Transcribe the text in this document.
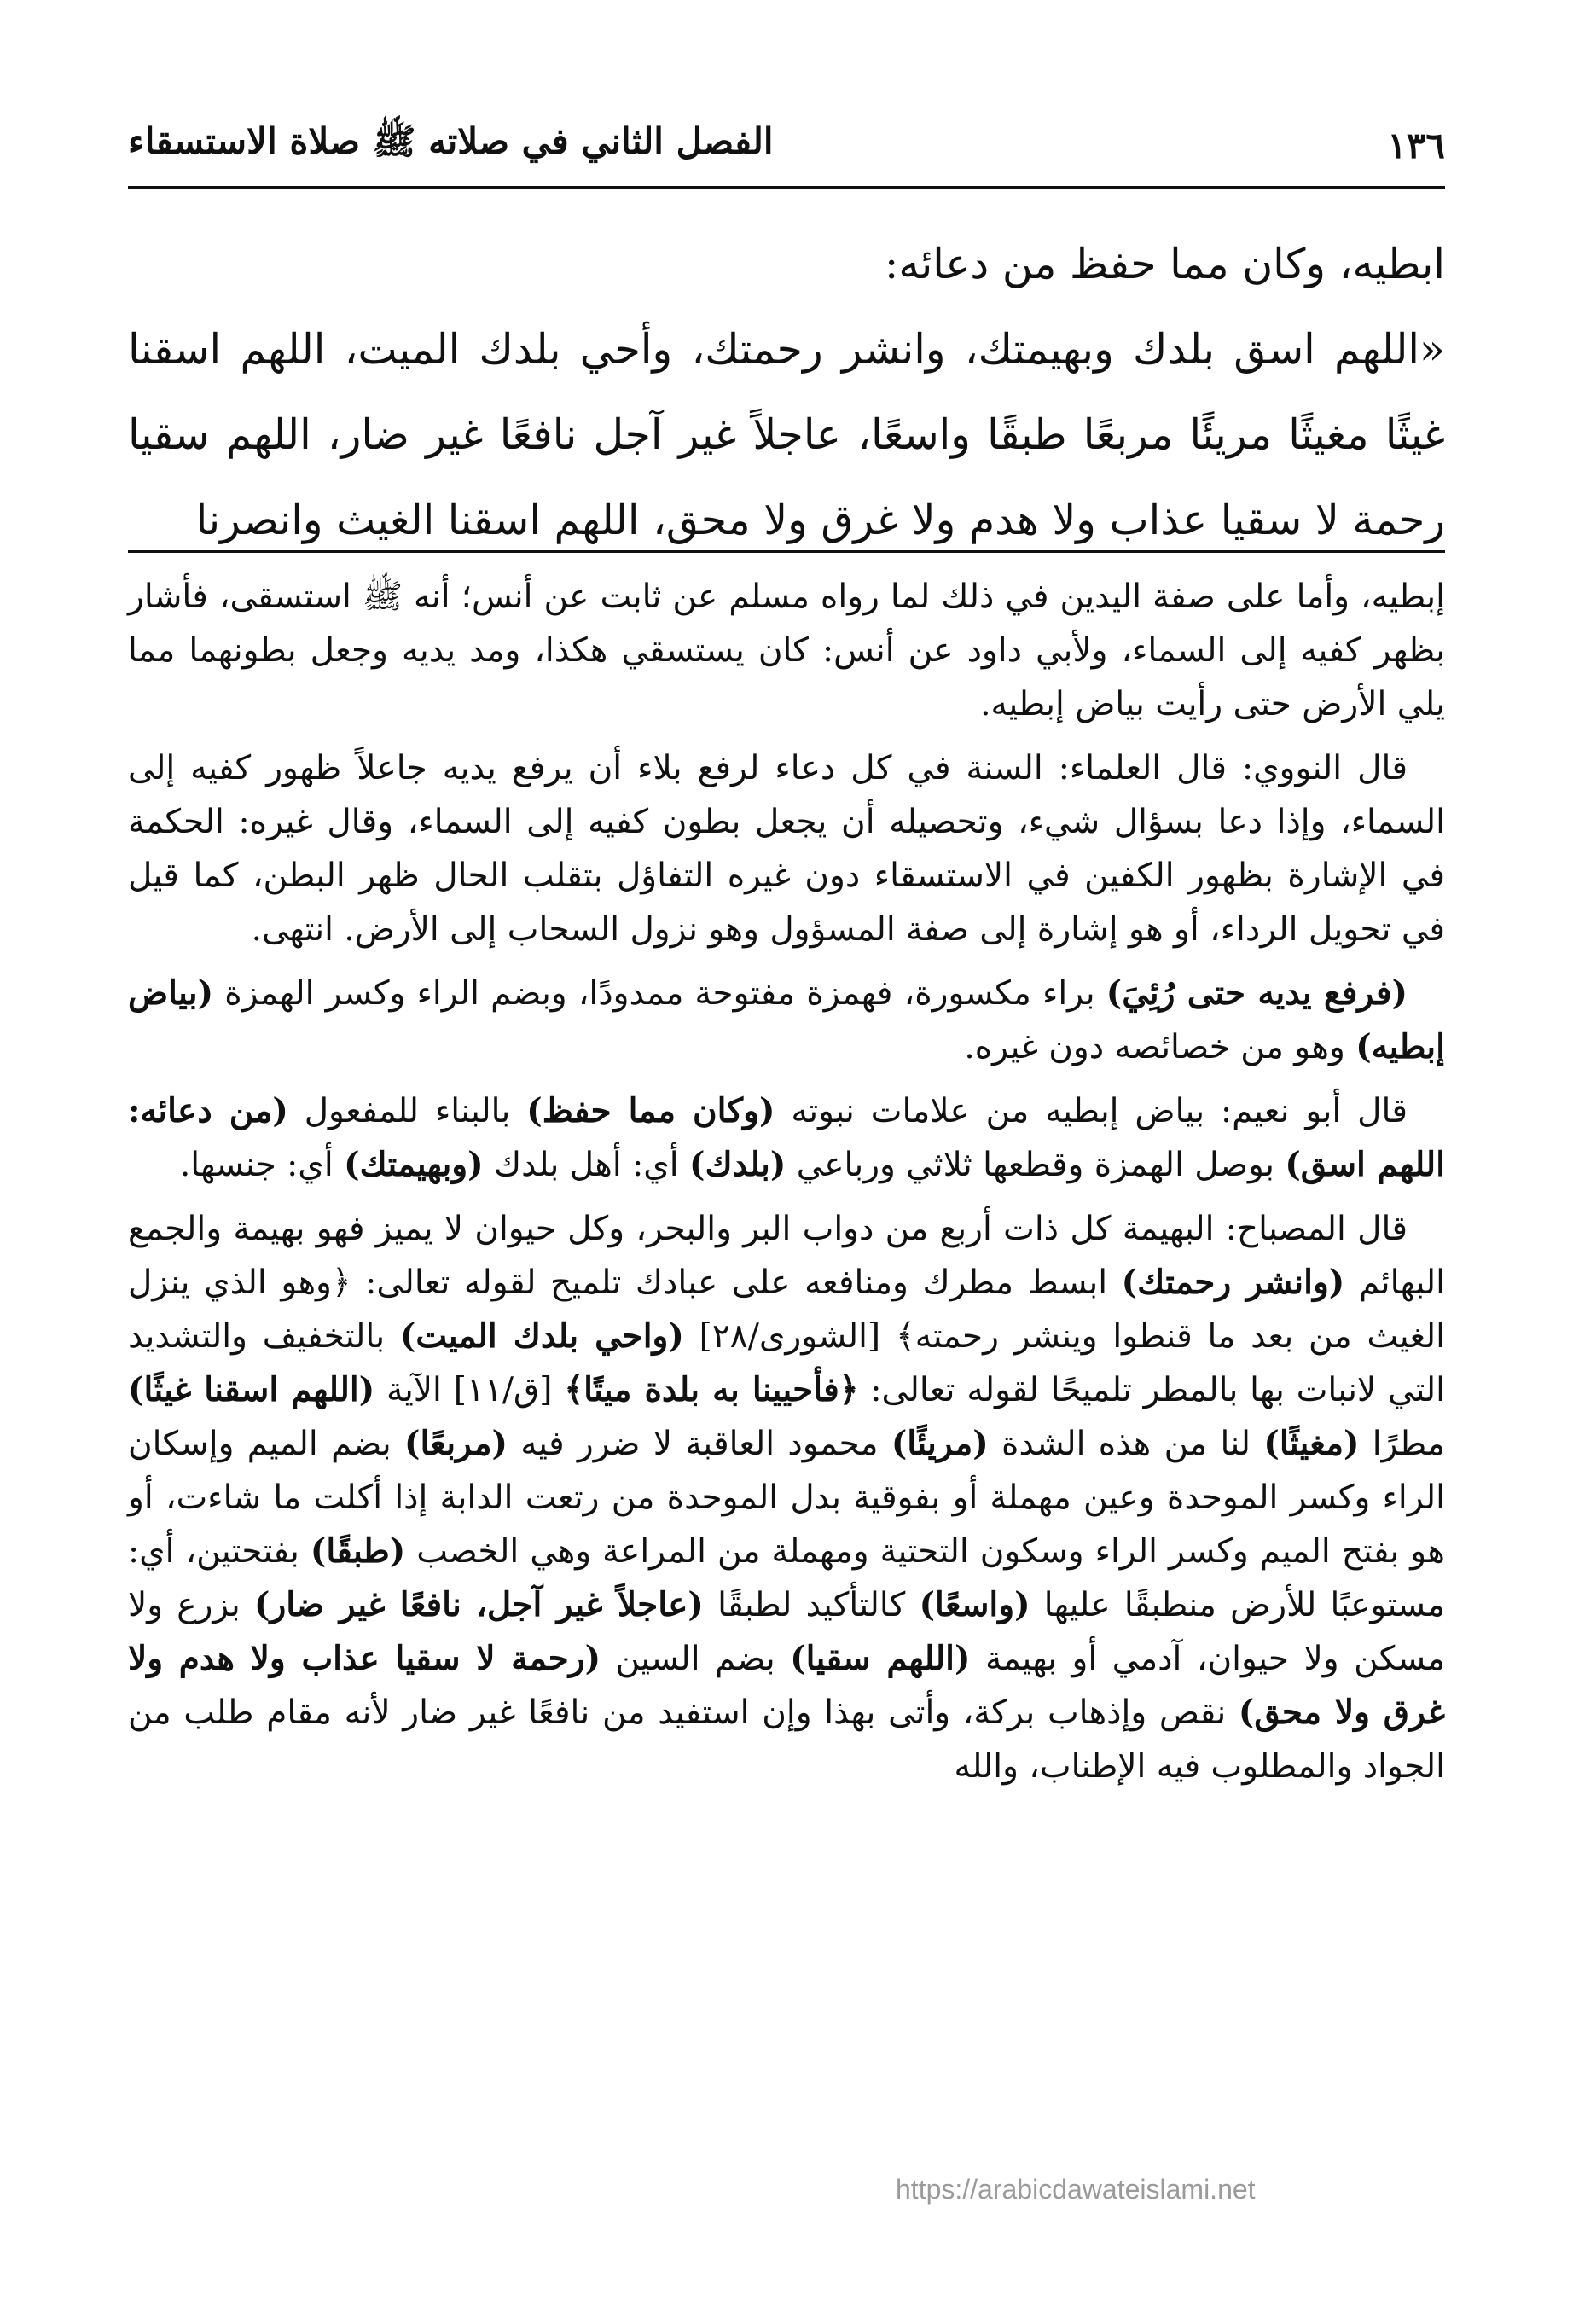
١٣٦
الفصل الثاني في صلاته ﷺ صلاة الاستسقاء

ابطيه، وكان مما حفظ من دعائه:

«اللهم اسق بلدك وبهيمتك، وانشر رحمتك، وأحي بلدك الميت، اللهم اسقنا غيثًا مغيثًا مريئًا مربعًا طبقًا واسعًا، عاجلاً غير آجل نافعًا غير ضار، اللهم سقيا رحمة لا سقيا عذاب ولا هدم ولا غرق ولا محق، اللهم اسقنا الغيث وانصرنا

إبطيه، وأما على صفة اليدين في ذلك لما رواه مسلم عن ثابت عن أنس؛ أنه ﷺ استسقى، فأشار بظهر كفيه إلى السماء، ولأبي داود عن أنس: كان يستسقي هكذا، ومد يديه وجعل بطونهما مما يلي الأرض حتى رأيت بياض إبطيه.

قال النووي: قال العلماء: السنة في كل دعاء لرفع بلاء أن يرفع يديه جاعلاً ظهور كفيه إلى السماء، وإذا دعا بسؤال شيء، وتحصيله أن يجعل بطون كفيه إلى السماء، وقال غيره: الحكمة في الإشارة بظهور الكفين في الاستسقاء دون غيره التفاؤل بتقلب الحال ظهر البطن، كما قيل في تحويل الرداء، أو هو إشارة إلى صفة المسؤول وهو نزول السحاب إلى الأرض. انتهى.

(فرفع يديه حتى رُئِيَ) براء مكسورة، فهمزة مفتوحة ممدودًا، وبضم الراء وكسر الهمزة (بياض إبطيه) وهو من خصائصه دون غيره.

قال أبو نعيم: بياض إبطيه من علامات نبوته (وكان مما حفظ) بالبناء للمفعول (من دعائه: اللهم اسق) بوصل الهمزة وقطعها ثلاثي ورباعي (بلدك) أي: أهل بلدك (وبهيمتك) أي: جنسها.

قال المصباح: البهيمة كل ذات أربع من دواب البر والبحر، وكل حيوان لا يميز فهو بهيمة والجمع البهائم (وانشر رحمتك) ابسط مطرك ومنافعه على عبادك تلميح لقوله تعالى: ﴿وهو الذي ينزل الغيث من بعد ما قنطوا وينشر رحمته﴾ [الشورى/٢٨] (واحي بلدك الميت) بالتخفيف والتشديد التي لانبات بها بالمطر تلميحًا لقوله تعالى: ﴿فأحيينا به بلدة ميتًا﴾ [ق/١١] الآية (اللهم اسقنا غيثًا) مطرًا (مغيثًا) لنا من هذه الشدة (مريئًا) محمود العاقبة لا ضرر فيه (مربعًا) بضم الميم وإسكان الراء وكسر الموحدة وعين مهملة أو بفوقية بدل الموحدة من رتعت الدابة إذا أكلت ما شاءت، أو هو بفتح الميم وكسر الراء وسكون التحتية ومهملة من المراعة وهي الخصب (طبقًا) بفتحتين، أي: مستوعبًا للأرض منطبقًا عليها (واسعًا) كالتأكيد لطبقًا (عاجلاً غير آجل، نافعًا غير ضار) بزرع ولا مسكن ولا حيوان، آدمي أو بهيمة (اللهم سقيا) بضم السين (رحمة لا سقيا عذاب ولا هدم ولا غرق ولا محق) نقص وإذهاب بركة، وأتى بهذا وإن استفيد من نافعًا غير ضار لأنه مقام طلب من الجواد والمطلوب فيه الإطناب، والله

https://arabicdawateislami.net
